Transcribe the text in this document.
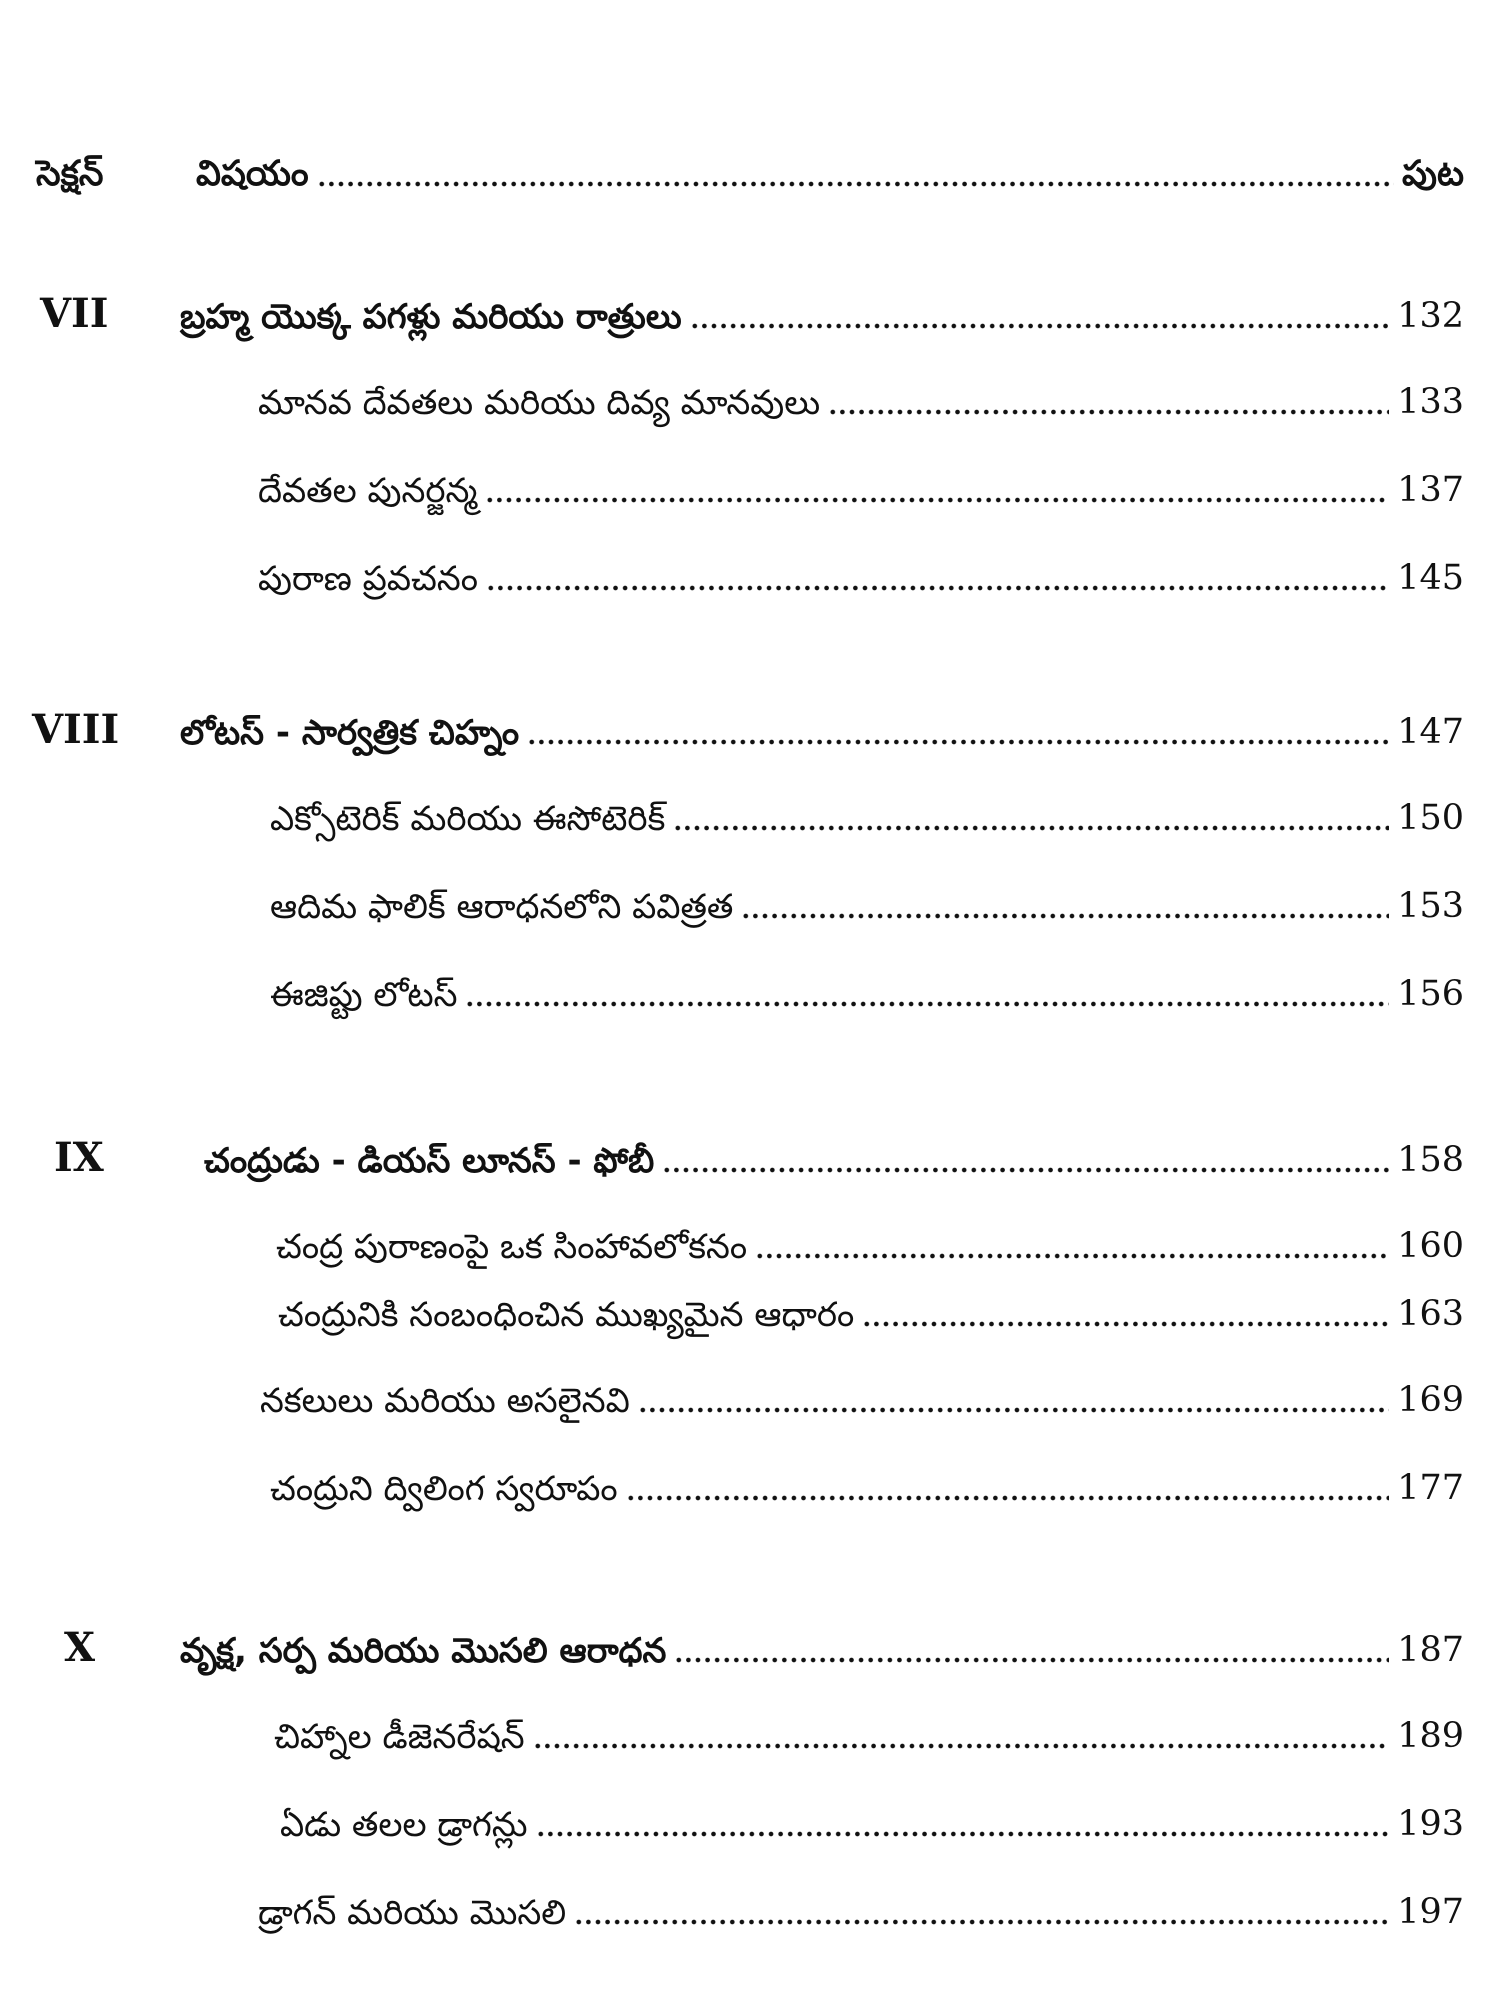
సెక్షన్	విషయం	పుట
VII బ్రహ్మ యొక్క పగళ్లు మరియు రాత్రులు	132
మానవ దేవతలు మరియు దివ్య మానవులు	133
దేవతల పునర్జన్మ	137
పురాణ ప్రవచనం	145
VIII లోటస్ - సార్వత్రిక చిహ్నం	147
ఎక్సోటెరిక్ మరియు ఈసోటెరిక్	150
ఆదిమ ఫాలిక్ ఆరాధనలోని పవిత్రత	153
ఈజిప్టు లోటస్	156
IX	చంద్రుడు - డియస్ లూనస్ - ఫోబీ	158
చంద్ర పురాణంపై ఒక సింహావలోకనం	160
చంద్రునికి సంబంధించిన ముఖ్యమైన ఆధారం	163
నకలులు మరియు అసలైనవి	169
చంద్రుని ద్విలింగ స్వరూపం	177
X వృక్ష, సర్ప మరియు మొసలి ఆరాధన	187
చిహ్నాల డీజెనరేషన్	189
ఏడు తలల డ్రాగన్లు	193
డ్రాగన్ మరియు మొసలి	197
